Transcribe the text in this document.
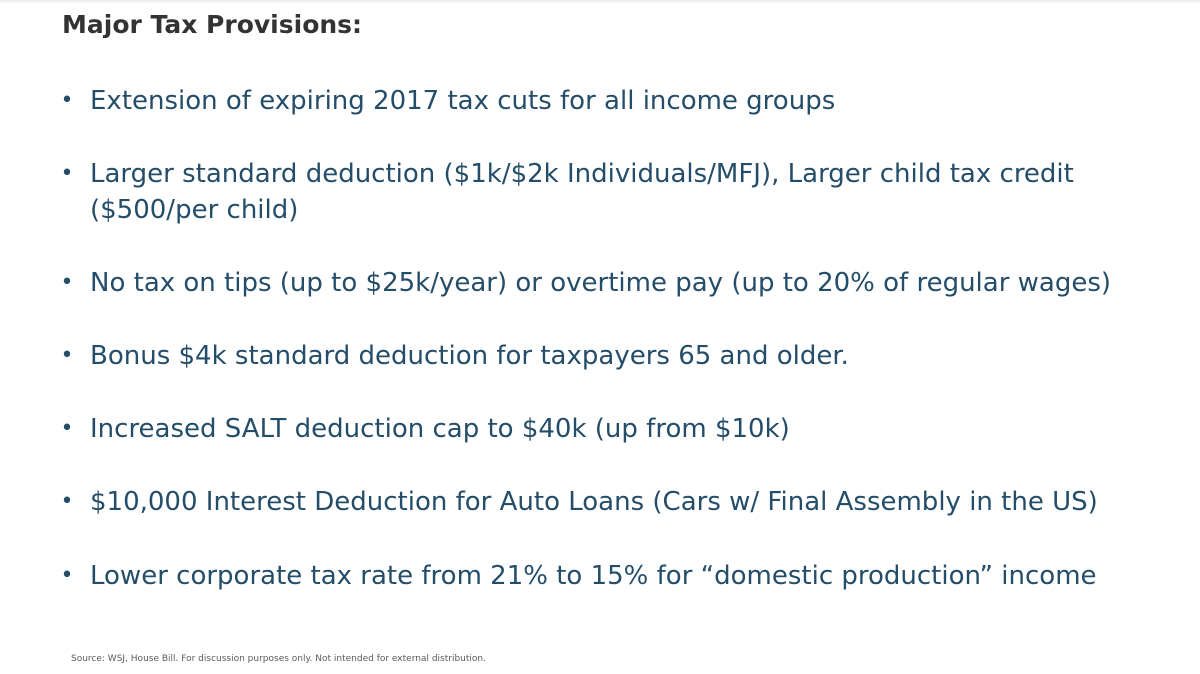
Major Tax Provisions:
• Extension of expiring 2017 tax cuts for all income groups
• Larger standard deduction ($1k/$2k Individuals/MFJ), Larger child tax credit ($500/per child)
• No tax on tips (up to $25k/year) or overtime pay (up to 20% of regular wages)
• Bonus $4k standard deduction for taxpayers 65 and older.
• Increased SALT deduction cap to $40k (up from $10k)
• $10,000 Interest Deduction for Auto Loans (Cars w/ Final Assembly in the US)
• Lower corporate tax rate from 21% to 15% for “domestic production” income
Source: WSJ, House Bill. For discussion purposes only. Not intended for external distribution.
